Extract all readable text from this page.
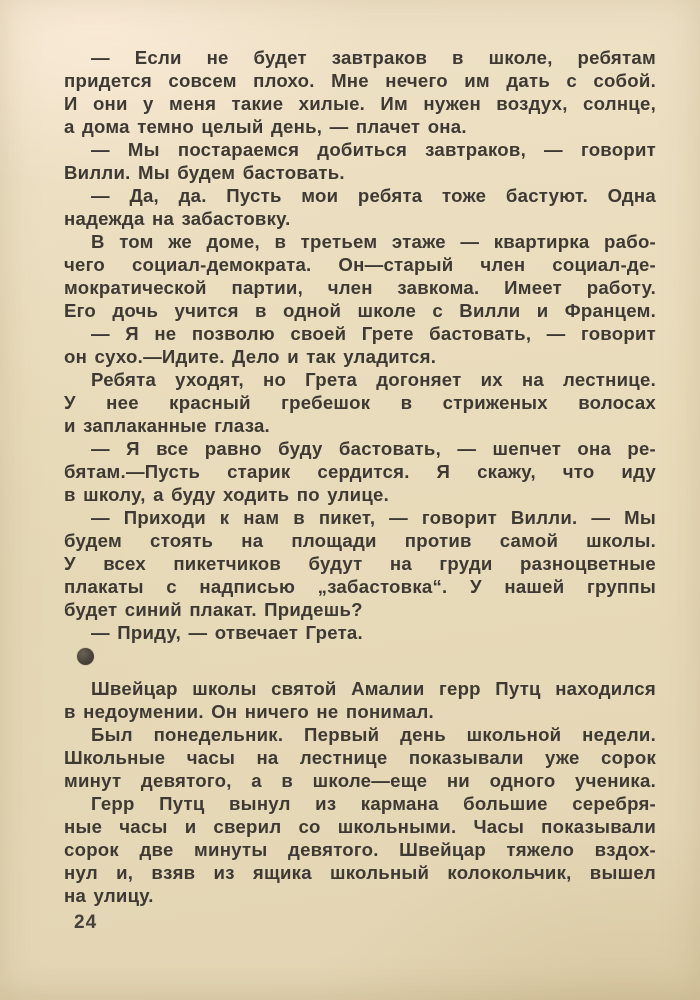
— Если не будет завтраков в школе, ребятам
придется совсем плохо. Мне нечего им дать с собой.
И они у меня такие хилые. Им нужен воздух, солнце,
а дома темно целый день, — плачет она.
— Мы постараемся добиться завтраков, — говорит
Вилли. Мы будем бастовать.
— Да, да. Пусть мои ребята тоже бастуют. Одна
надежда на забастовку.
В том же доме, в третьем этаже — квартирка рабо-
чего социал-демократа. Он—старый член социал-де-
мократической партии, член завкома. Имеет работу.
Его дочь учится в одной школе с Вилли и Францем.
— Я не позволю своей Грете бастовать, — говорит
он сухо.—Идите. Дело и так уладится.
Ребята уходят, но Грета догоняет их на лестнице.
У нее красный гребешок в стриженых волосах
и заплаканные глаза.
— Я все равно буду бастовать, — шепчет она ре-
бятам.—Пусть старик сердится. Я скажу, что иду
в школу, а буду ходить по улице.
— Приходи к нам в пикет, — говорит Вилли. — Мы
будем стоять на площади против самой школы.
У всех пикетчиков будут на груди разноцветные
плакаты с надписью „забастовка“. У нашей группы
будет синий плакат. Придешь?
— Приду, — отвечает Грета.
Швейцар школы святой Амалии герр Путц находился
в недоумении. Он ничего не понимал.
Был понедельник. Первый день школьной недели.
Школьные часы на лестнице показывали уже сорок
минут девятого, а в школе—еще ни одного ученика.
Герр Путц вынул из кармана большие серебря-
ные часы и сверил со школьными. Часы показывали
сорок две минуты девятого. Швейцар тяжело вздох-
нул и, взяв из ящика школьный колокольчик, вышел
на улицу.
24
